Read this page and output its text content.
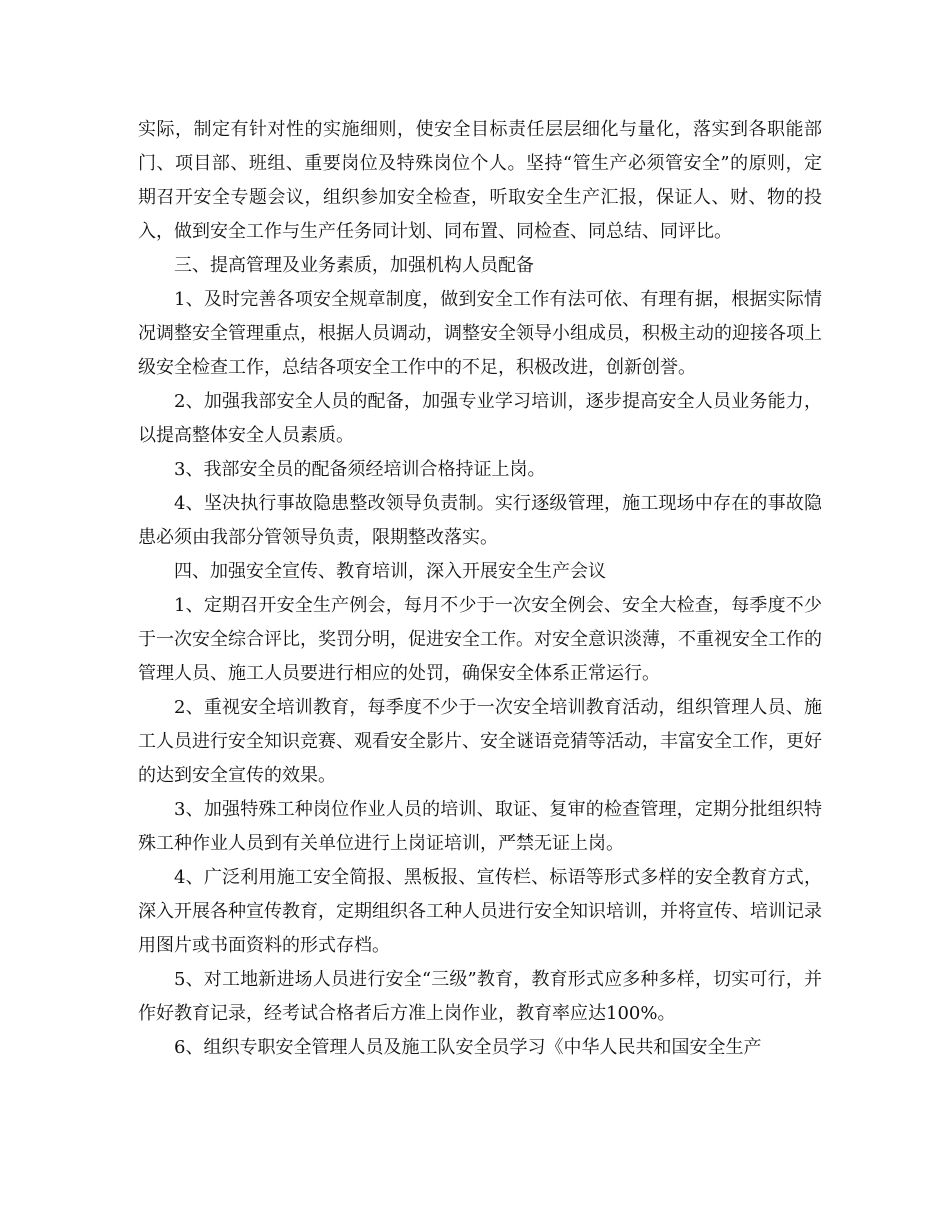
实际，制定有针对性的实施细则，使安全目标责任层层细化与量化，落实到各职能部门、项目部、班组、重要岗位及特殊岗位个人。坚持“管生产必须管安全”的原则，定期召开安全专题会议，组织参加安全检查，听取安全生产汇报，保证人、财、物的投入，做到安全工作与生产任务同计划、同布置、同检查、同总结、同评比。

三、提高管理及业务素质，加强机构人员配备

1、及时完善各项安全规章制度，做到安全工作有法可依、有理有据，根据实际情况调整安全管理重点，根据人员调动，调整安全领导小组成员，积极主动的迎接各项上级安全检查工作，总结各项安全工作中的不足，积极改进，创新创誉。

2、加强我部安全人员的配备，加强专业学习培训，逐步提高安全人员业务能力，以提高整体安全人员素质。

3、我部安全员的配备须经培训合格持证上岗。

4、坚决执行事故隐患整改领导负责制。实行逐级管理，施工现场中存在的事故隐患必须由我部分管领导负责，限期整改落实。

四、加强安全宣传、教育培训，深入开展安全生产会议

1、定期召开安全生产例会，每月不少于一次安全例会、安全大检查，每季度不少于一次安全综合评比，奖罚分明，促进安全工作。对安全意识淡薄，不重视安全工作的管理人员、施工人员要进行相应的处罚，确保安全体系正常运行。

2、重视安全培训教育，每季度不少于一次安全培训教育活动，组织管理人员、施工人员进行安全知识竞赛、观看安全影片、安全谜语竞猜等活动，丰富安全工作，更好的达到安全宣传的效果。

3、加强特殊工种岗位作业人员的培训、取证、复审的检查管理，定期分批组织特殊工种作业人员到有关单位进行上岗证培训，严禁无证上岗。

4、广泛利用施工安全简报、黑板报、宣传栏、标语等形式多样的安全教育方式，深入开展各种宣传教育，定期组织各工种人员进行安全知识培训，并将宣传、培训记录用图片或书面资料的形式存档。

5、对工地新进场人员进行安全“三级”教育，教育形式应多种多样，切实可行，并作好教育记录，经考试合格者后方准上岗作业，教育率应达100%。

6、组织专职安全管理人员及施工队安全员学习《中华人民共和国安全生产
